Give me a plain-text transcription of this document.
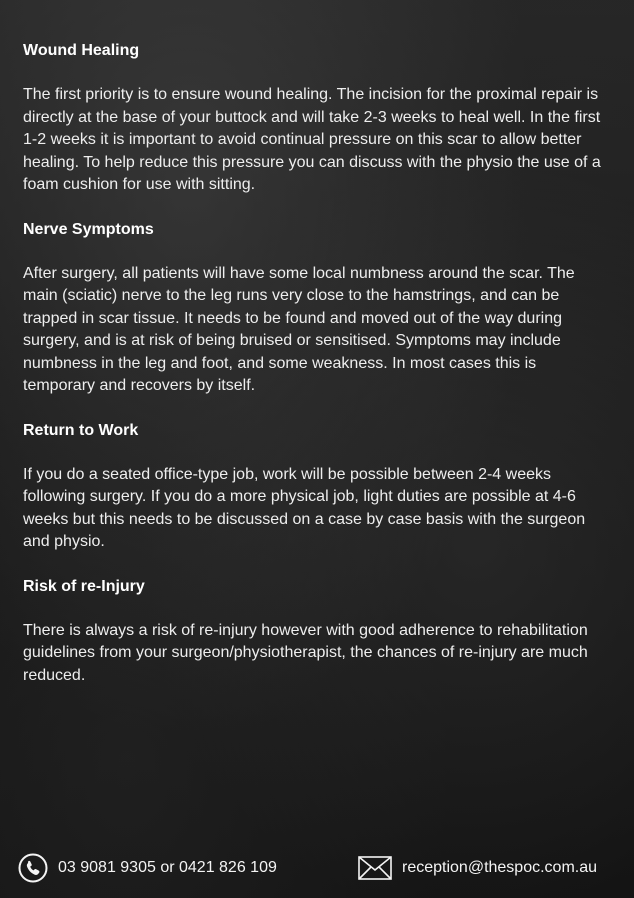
Wound Healing
The first priority is to ensure wound healing. The incision for the proximal repair is directly at the base of your buttock and will take 2-3 weeks to heal well. In the first 1-2 weeks it is important to avoid continual pressure on this scar to allow better healing. To help reduce this pressure you can discuss with the physio the use of a foam cushion for use with sitting.
Nerve Symptoms
After surgery, all patients will have some local numbness around the scar. The main (sciatic) nerve to the leg runs very close to the hamstrings, and can be trapped in scar tissue. It needs to be found and moved out of the way during surgery, and is at risk of being bruised or sensitised. Symptoms may include numbness in the leg and foot, and some weakness. In most cases this is temporary and recovers by itself.
Return to Work
If you do a seated office-type job, work will be possible between 2-4 weeks following surgery. If you do a more physical job, light duties are possible at 4-6 weeks but this needs to be discussed on a case by case basis with the surgeon and physio.
Risk of re-Injury
There is always a risk of re-injury however with good adherence to rehabilitation guidelines from your surgeon/physiotherapist, the chances of re-injury are much reduced.
03 9081 9305 or 0421 826 109	reception@thespoc.com.au
